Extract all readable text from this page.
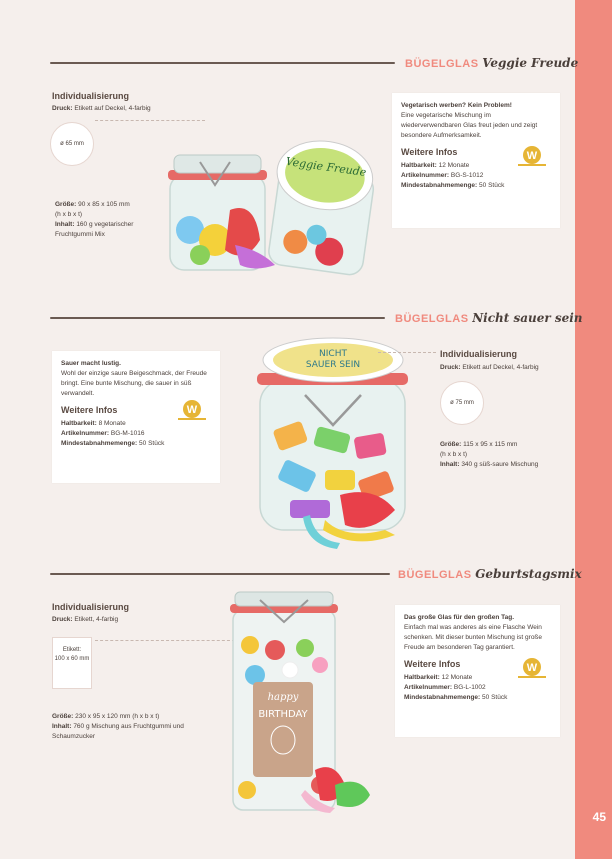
45
BÜGELGLAS Veggie Freude
Individualisierung
Druck: Etikett auf Deckel, 4-farbig
ø 65 mm
Größe: 90 x 85 x 105 mm
(h x b x t)
Inhalt: 160 g vegetarischer Fruchtgummi Mix
Veggie Freude
Vegetarisch werben? Kein Problem!
Eine vegetarische Mischung im wiederverwendbaren Glas freut jeden und zeigt besondere Aufmerksamkeit.
Weitere Infos
Haltbarkeit: 12 Monate
Artikelnummer: BG-S-1012
Mindestabnahmemenge: 50 Stück
W
BÜGELGLAS Nicht sauer sein
Sauer macht lustig.
Wohl der einzige saure Beigeschmack, der Freude bringt. Eine bunte Mischung, die sauer in süß verwandelt.
Weitere Infos
Haltbarkeit: 8 Monate
Artikelnummer: BG-M-1016
Mindestabnahmemenge: 50 Stück
W
NICHT
SAUER SEIN
Individualisierung
Druck: Etikett auf Deckel, 4-farbig
ø 75 mm
Größe: 115 x 95 x 115 mm
(h x b x t)
Inhalt: 340 g süß-saure Mischung
BÜGELGLAS Geburtstagsmix
Individualisierung
Druck: Etikett, 4-farbig
Etikett:
100 x 60 mm
Größe: 230 x 95 x 120 mm (h x b x t)
Inhalt: 760 g Mischung aus Fruchtgummi und Schaumzucker
happy
BIRTHDAY
Das große Glas für den großen Tag.
Einfach mal was anderes als eine Flasche Wein schenken. Mit dieser bunten Mischung ist große Freude am besonderen Tag garantiert.
Weitere Infos
Haltbarkeit: 12 Monate
Artikelnummer: BG-L-1002
Mindestabnahmemenge: 50 Stück
W
